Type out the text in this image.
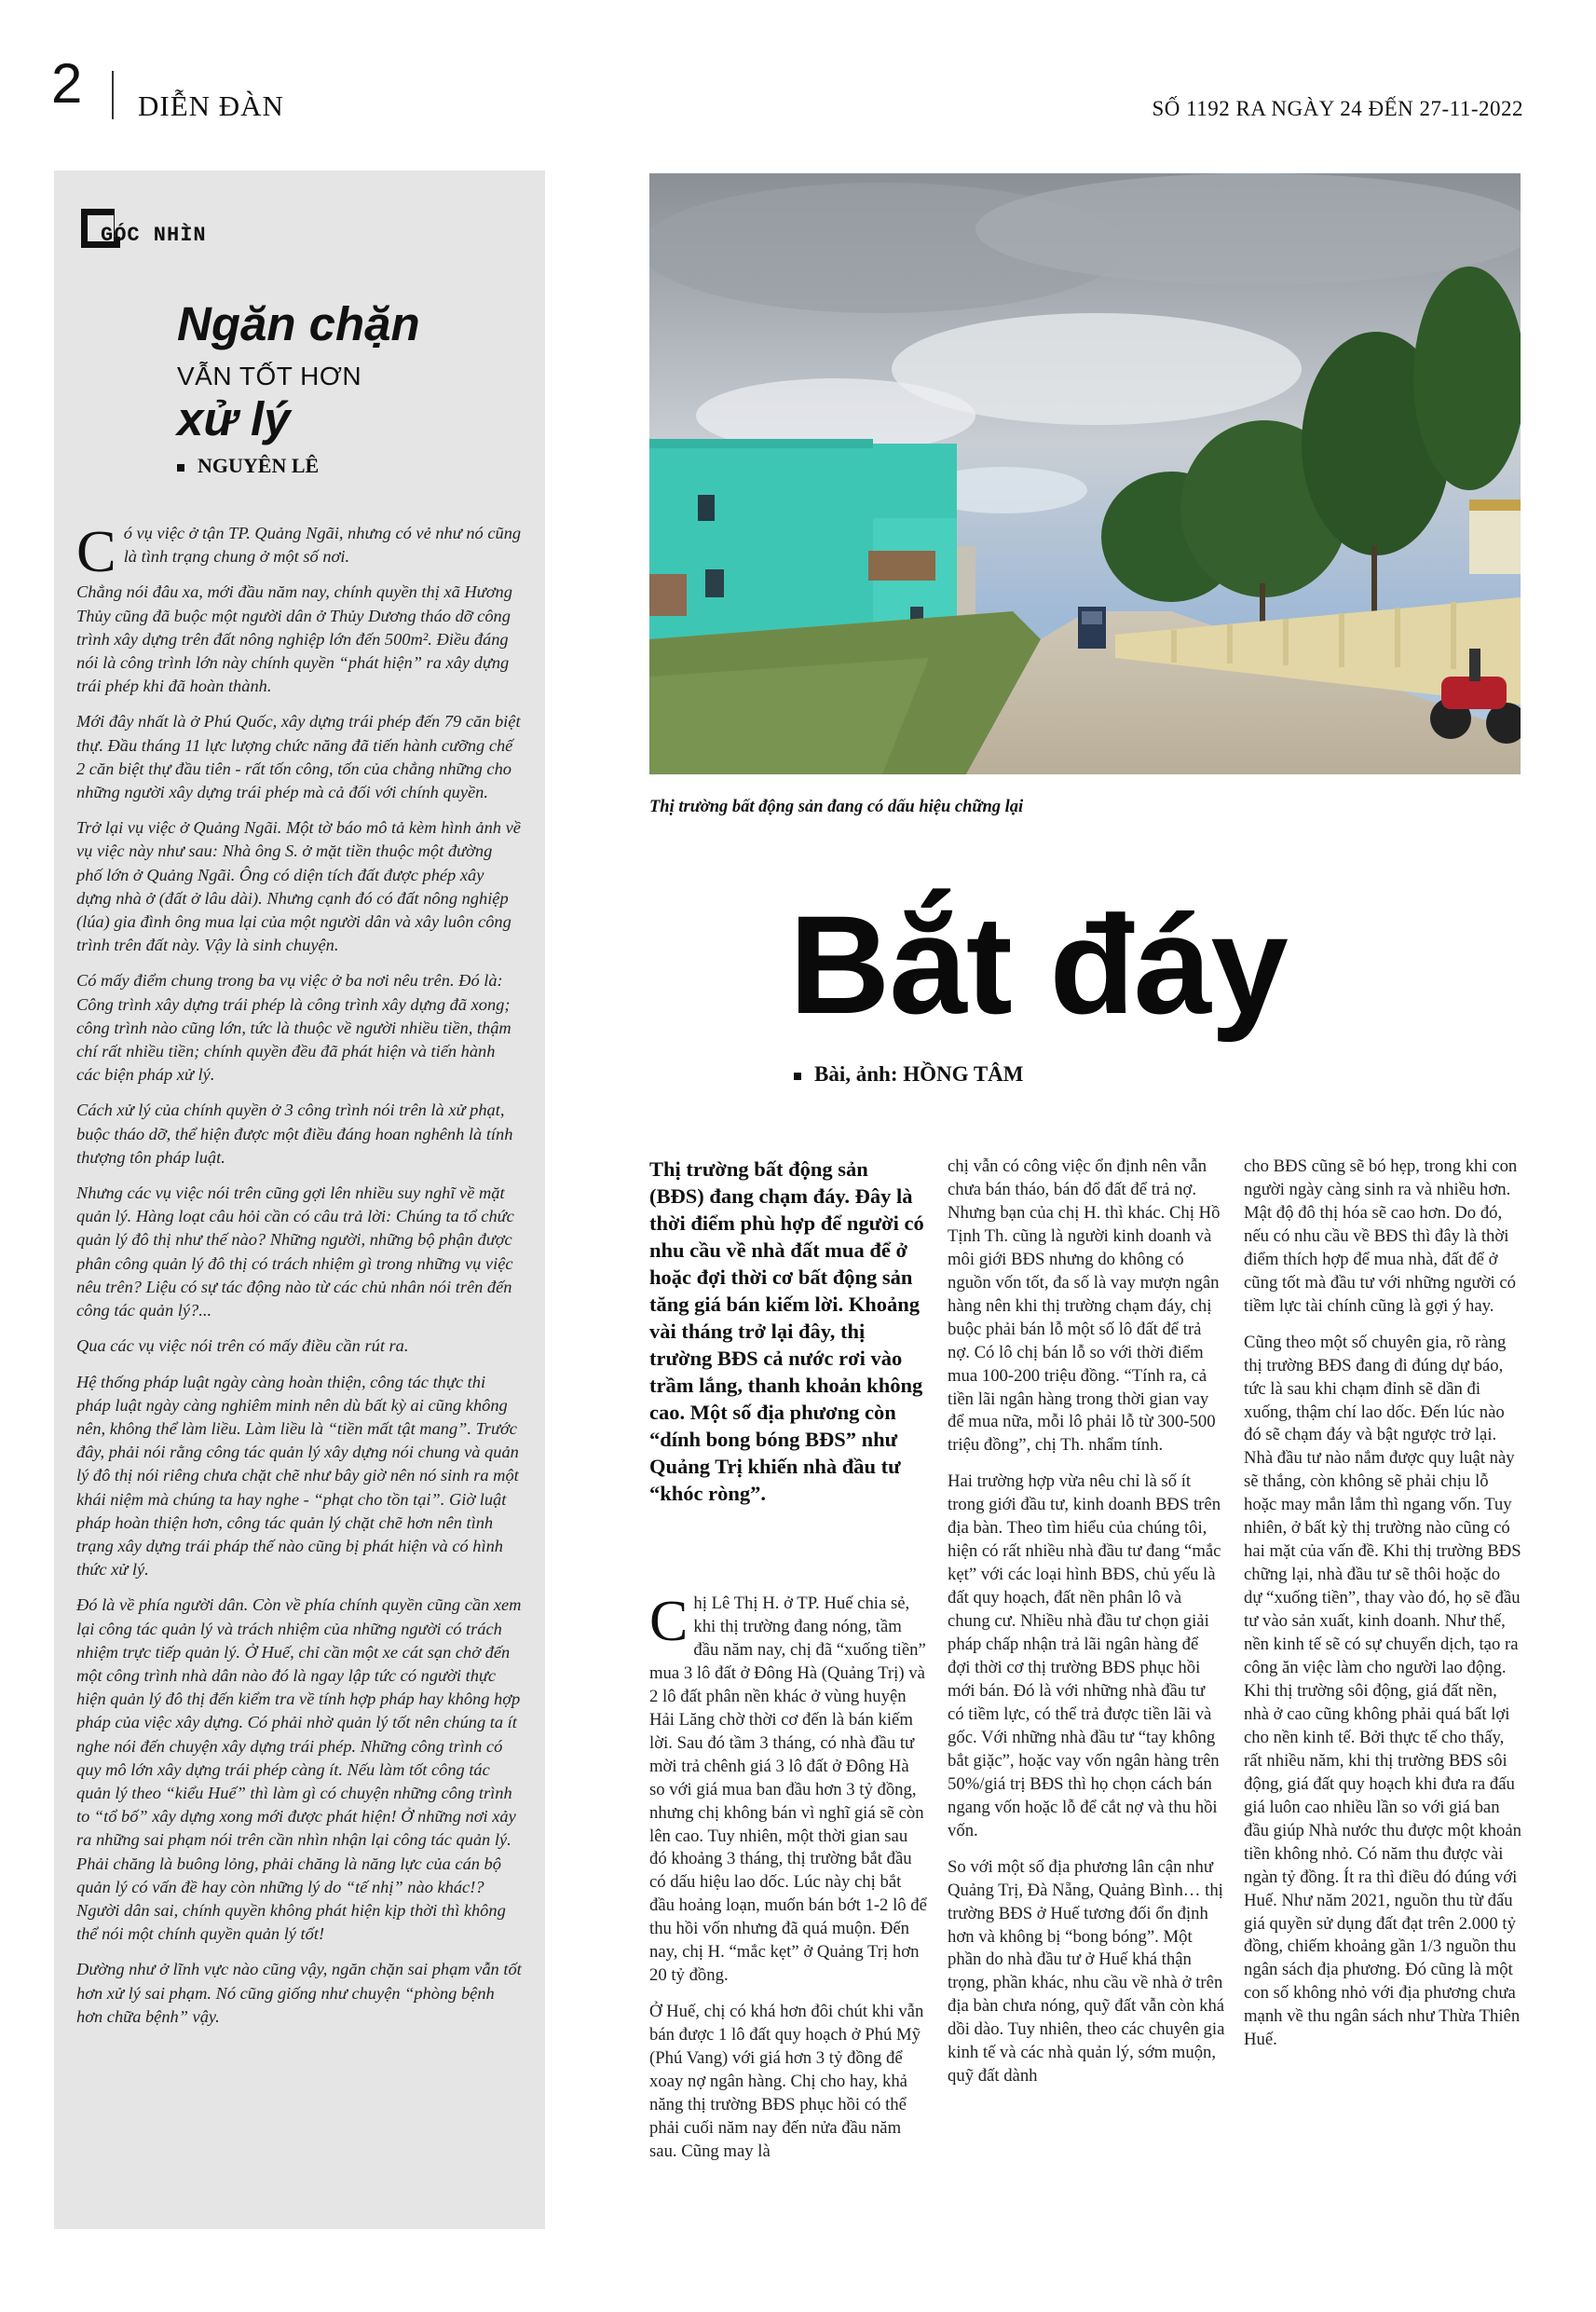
2 DIỄN ĐÀN	SỐ 1192 RA NGÀY 24 ĐẾN 27-11-2022
GÓC NHÌN
Ngăn chặn
VẪN TỐT HƠN
xử lý
NGUYÊN LÊ

Có vụ việc ở tận TP. Quảng Ngãi, nhưng có vẻ như nó cũng là tình trạng chung ở một số nơi.

Chẳng nói đâu xa, mới đầu năm nay, chính quyền thị xã Hương Thủy cũng đã buộc một người dân ở Thủy Dương tháo dỡ công trình xây dựng trên đất nông nghiệp lớn đến 500m². Điều đáng nói là công trình lớn này chính quyền “phát hiện” ra xây dựng trái phép khi đã hoàn thành.

Mới đây nhất là ở Phú Quốc, xây dựng trái phép đến 79 căn biệt thự. Đầu tháng 11 lực lượng chức năng đã tiến hành cưỡng chế 2 căn biệt thự đầu tiên - rất tốn công, tốn của chẳng những cho những người xây dựng trái phép mà cả đối với chính quyền.

Trở lại vụ việc ở Quảng Ngãi. Một tờ báo mô tả kèm hình ảnh về vụ việc này như sau: Nhà ông S. ở mặt tiền thuộc một đường phố lớn ở Quảng Ngãi. Ông có diện tích đất được phép xây dựng nhà ở (đất ở lâu dài). Nhưng cạnh đó có đất nông nghiệp (lúa) gia đình ông mua lại của một người dân và xây luôn công trình trên đất này. Vậy là sinh chuyện.

Có mấy điểm chung trong ba vụ việc ở ba nơi nêu trên. Đó là: Công trình xây dựng trái phép là công trình xây dựng đã xong; công trình nào cũng lớn, tức là thuộc về người nhiều tiền, thậm chí rất nhiều tiền; chính quyền đều đã phát hiện và tiến hành các biện pháp xử lý.

Cách xử lý của chính quyền ở 3 công trình nói trên là xử phạt, buộc tháo dỡ, thể hiện được một điều đáng hoan nghênh là tính thượng tôn pháp luật.

Nhưng các vụ việc nói trên cũng gợi lên nhiều suy nghĩ về mặt quản lý. Hàng loạt câu hỏi cần có câu trả lời: Chúng ta tổ chức quản lý đô thị như thế nào? Những người, những bộ phận được phân công quản lý đô thị có trách nhiệm gì trong những vụ việc nêu trên? Liệu có sự tác động nào từ các chủ nhân nói trên đến công tác quản lý?...

Qua các vụ việc nói trên có mấy điều cần rút ra.

Hệ thống pháp luật ngày càng hoàn thiện, công tác thực thi pháp luật ngày càng nghiêm minh nên dù bất kỳ ai cũng không nên, không thể làm liều. Làm liều là “tiền mất tật mang”. Trước đây, phải nói rằng công tác quản lý xây dựng nói chung và quản lý đô thị nói riêng chưa chặt chẽ như bây giờ nên nó sinh ra một khái niệm mà chúng ta hay nghe - “phạt cho tồn tại”. Giờ luật pháp hoàn thiện hơn, công tác quản lý chặt chẽ hơn nên tình trạng xây dựng trái pháp thế nào cũng bị phát hiện và có hình thức xử lý.

Đó là về phía người dân. Còn về phía chính quyền cũng cần xem lại công tác quản lý và trách nhiệm của những người có trách nhiệm trực tiếp quản lý. Ở Huế, chỉ cần một xe cát sạn chở đến một công trình nhà dân nào đó là ngay lập tức có người thực hiện quản lý đô thị đến kiểm tra về tính hợp pháp hay không hợp pháp của việc xây dựng. Có phải nhờ quản lý tốt nên chúng ta ít nghe nói đến chuyện xây dựng trái phép. Những công trình có quy mô lớn xây dựng trái phép càng ít. Nếu làm tốt công tác quản lý theo “kiểu Huế” thì làm gì có chuyện những công trình to “tổ bố” xây dựng xong mới được phát hiện! Ở những nơi xảy ra những sai phạm nói trên cần nhìn nhận lại công tác quản lý. Phải chăng là buông lỏng, phải chăng là năng lực của cán bộ quản lý có vấn đề hay còn những lý do “tế nhị” nào khác!? Người dân sai, chính quyền không phát hiện kịp thời thì không thể nói một chính quyền quản lý tốt!

Dường như ở lĩnh vực nào cũng vậy, ngăn chặn sai phạm vẫn tốt hơn xử lý sai phạm. Nó cũng giống như chuyện “phòng bệnh hơn chữa bệnh” vậy.

Thị trường bất động sản đang có dấu hiệu chững lại
Bắt đáy
Bài, ảnh: HỒNG TÂM
Thị trường bất động sản (BĐS) đang chạm đáy. Đây là thời điểm phù hợp để người có nhu cầu về nhà đất mua để ở hoặc đợi thời cơ bất động sản tăng giá bán kiếm lời. Khoảng vài tháng trở lại đây, thị trường BĐS cả nước rơi vào trầm lắng, thanh khoản không cao. Một số địa phương còn “dính bong bóng BĐS” như Quảng Trị khiến nhà đầu tư “khóc ròng”.

Chị Lê Thị H. ở TP. Huế chia sẻ, khi thị trường đang nóng, tầm đầu năm nay, chị đã “xuống tiền” mua 3 lô đất ở Đông Hà (Quảng Trị) và 2 lô đất phân nền khác ở vùng huyện Hải Lăng chờ thời cơ đến là bán kiếm lời. Sau đó tầm 3 tháng, có nhà đầu tư mời trả chênh giá 3 lô đất ở Đông Hà so với giá mua ban đầu hơn 3 tỷ đồng, nhưng chị không bán vì nghĩ giá sẽ còn lên cao. Tuy nhiên, một thời gian sau đó khoảng 3 tháng, thị trường bắt đầu có dấu hiệu lao dốc. Lúc này chị bắt đầu hoảng loạn, muốn bán bớt 1-2 lô để thu hồi vốn nhưng đã quá muộn. Đến nay, chị H. “mắc kẹt” ở Quảng Trị hơn 20 tỷ đồng.

Ở Huế, chị có khá hơn đôi chút khi vẫn bán được 1 lô đất quy hoạch ở Phú Mỹ (Phú Vang) với giá hơn 3 tỷ đồng để xoay nợ ngân hàng. Chị cho hay, khả năng thị trường BĐS phục hồi có thể phải cuối năm nay đến nửa đầu năm sau. Cũng may là

chị vẫn có công việc ổn định nên vẫn chưa bán tháo, bán đổ đất để trả nợ. Nhưng bạn của chị H. thì khác. Chị Hồ Tịnh Th. cũng là người kinh doanh và môi giới BĐS nhưng do không có nguồn vốn tốt, đa số là vay mượn ngân hàng nên khi thị trường chạm đáy, chị buộc phải bán lỗ một số lô đất để trả nợ. Có lô chị bán lỗ so với thời điểm mua 100-200 triệu đồng. “Tính ra, cả tiền lãi ngân hàng trong thời gian vay để mua nữa, mỗi lô phải lỗ từ 300-500 triệu đồng”, chị Th. nhẩm tính.

Hai trường hợp vừa nêu chỉ là số ít trong giới đầu tư, kinh doanh BĐS trên địa bàn. Theo tìm hiểu của chúng tôi, hiện có rất nhiều nhà đầu tư đang “mắc kẹt” với các loại hình BĐS, chủ yếu là đất quy hoạch, đất nền phân lô và chung cư. Nhiều nhà đầu tư chọn giải pháp chấp nhận trả lãi ngân hàng để đợi thời cơ thị trường BĐS phục hồi mới bán. Đó là với những nhà đầu tư có tiềm lực, có thể trả được tiền lãi và gốc. Với những nhà đầu tư “tay không bắt giặc”, hoặc vay vốn ngân hàng trên 50%/giá trị BĐS thì họ chọn cách bán ngang vốn hoặc lỗ để cắt nợ và thu hồi vốn.

So với một số địa phương lân cận như Quảng Trị, Đà Nẵng, Quảng Bình… thị trường BĐS ở Huế tương đối ổn định hơn và không bị “bong bóng”. Một phần do nhà đầu tư ở Huế khá thận trọng, phần khác, nhu cầu về nhà ở trên địa bàn chưa nóng, quỹ đất vẫn còn khá dồi dào. Tuy nhiên, theo các chuyên gia kinh tế và các nhà quản lý, sớm muộn, quỹ đất dành

cho BĐS cũng sẽ bó hẹp, trong khi con người ngày càng sinh ra và nhiều hơn. Mật độ đô thị hóa sẽ cao hơn. Do đó, nếu có nhu cầu về BĐS thì đây là thời điểm thích hợp để mua nhà, đất để ở cũng tốt mà đầu tư với những người có tiềm lực tài chính cũng là gợi ý hay.

Cũng theo một số chuyên gia, rõ ràng thị trường BĐS đang đi đúng dự báo, tức là sau khi chạm đỉnh sẽ dần đi xuống, thậm chí lao dốc. Đến lúc nào đó sẽ chạm đáy và bật ngược trở lại. Nhà đầu tư nào nắm được quy luật này sẽ thắng, còn không sẽ phải chịu lỗ hoặc may mắn lắm thì ngang vốn. Tuy nhiên, ở bất kỳ thị trường nào cũng có hai mặt của vấn đề. Khi thị trường BĐS chững lại, nhà đầu tư sẽ thôi hoặc do dự “xuống tiền”, thay vào đó, họ sẽ đầu tư vào sản xuất, kinh doanh. Như thế, nền kinh tế sẽ có sự chuyển dịch, tạo ra công ăn việc làm cho người lao động. Khi thị trường sôi động, giá đất nền, nhà ở cao cũng không phải quá bất lợi cho nền kinh tế. Bởi thực tế cho thấy, rất nhiều năm, khi thị trường BĐS sôi động, giá đất quy hoạch khi đưa ra đấu giá luôn cao nhiều lần so với giá ban đầu giúp Nhà nước thu được một khoản tiền không nhỏ. Có năm thu được vài ngàn tỷ đồng. Ít ra thì điều đó đúng với Huế. Như năm 2021, nguồn thu từ đấu giá quyền sử dụng đất đạt trên 2.000 tỷ đồng, chiếm khoảng gần 1/3 nguồn thu ngân sách địa phương. Đó cũng là một con số không nhỏ với địa phương chưa mạnh về thu ngân sách như Thừa Thiên Huế.
